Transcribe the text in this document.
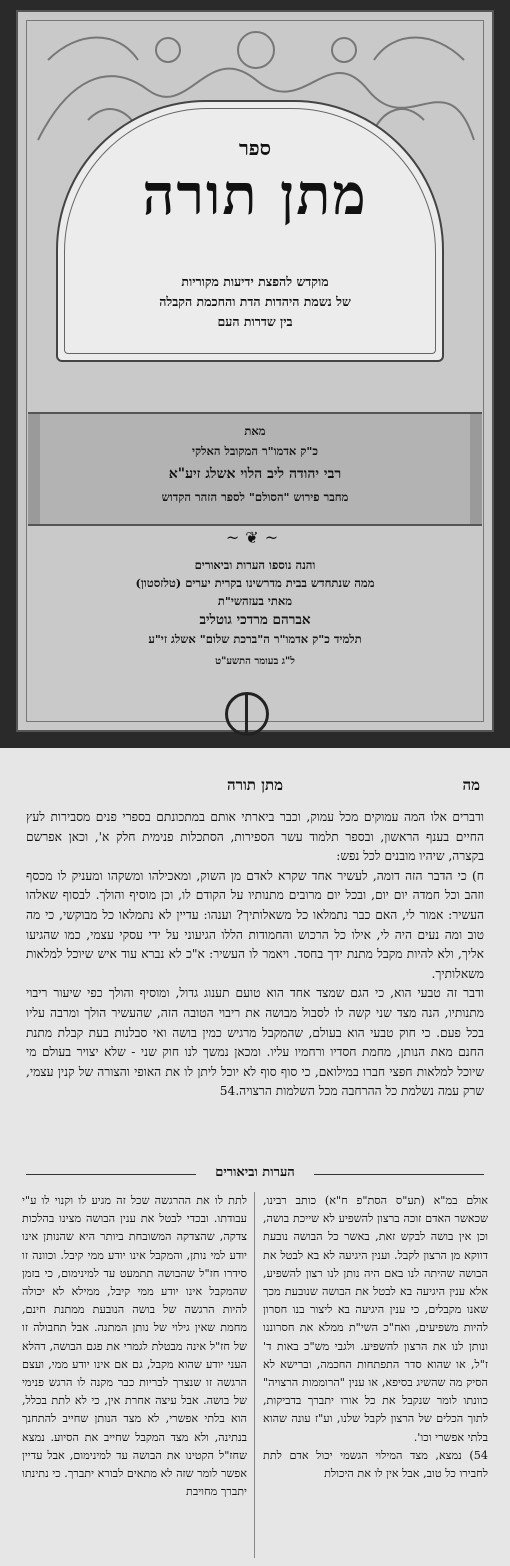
ספר
מתן תורה
מוקדש להפצת ידיעות מקוריות
של נשמת היהדות הדת והחכמת הקבלה
בין שדרות העם
מאת
כ"ק אדמו"ר המקובל האלקי
רבי יהודה ליב הלוי אשלג זיע"א
מחבר פירוש "הסולם" לספר הזהר הקדוש
~❦~
והנה נוספו הערות וביאורים
ממה שנתחדש בבית מדרשינו בקרית יערים (טלזסטון)
מאתי בעזהשי"ת
אברהם מרדכי גוטליב
תלמיד כ"ק אדמו"ר ה"ברכת שלום" אשלג זי"ע
ל"ג בעומר התשע"ט
מתן תורה	מה

ודברים אלו המה עמוקים מכל עמוק, וכבר ביארתי אותם במתכונתם בספרי פנים מסבירות לעץ החיים בענף הראשון, ובספר תלמוד עשר הספירות, הסתכלות פנימית חלק א', וכאן אפרשם בקצרה, שיהיו מובנים לכל נפש:

ח) כי הדבר הזה דומה, לעשיר אחד שקרא לאדם מן השוק, ומאכילהו ומשקהו ומעניק לו מכסף וזהב וכל חמדה יום יום, ובכל יום מרובים מתנותיו על הקודם לו, וכן מוסיף והולך. לבסוף שאלהו העשיר: אמור לי, האם כבר נתמלאו כל משאלותיך? וענהו: עדיין לא נתמלאו כל מבוקשי, כי מה טוב ומה נעים היה לי, אילו כל הרכוש והחמודות הללו הגיעוני על ידי עסקי עצמי, כמו שהגיעו אליך, ולא להיות מקבל מתנת ידך בחסד. ויאמר לו העשיר: א"כ לא נברא עוד איש שיוכל למלאות משאלותיך.

ודבר זה טבעי הוא, כי הגם שמצד אחד הוא טועם תענוג גדול, ומוסיף והולך כפי שיעור ריבוי מתנותיו, הנה מצד שני קשה לו לסבול מבושה את ריבוי הטובה הזה, שהעשיר הולך ומרבה עליו בכל פעם. כי חוק טבעי הוא בעולם, שהמקבל מרגיש כמין בושה ואי סבלנות בעת קבלת מתנת החנם מאת הנותן, מחמת חסדיו ורחמיו עליו. ומכאן נמשך לנו חוק שני - שלא יצויר בעולם מי שיוכל למלאות חפצי חברו במילואם, כי סוף סוף לא יוכל ליתן לו את האופי והצורה של קנין עצמי, שרק עמה נשלמת כל ההרחבה מכל השלמות הרצויה.54

הערות וביאורים
אולם במ"א (תע"ס הסת"פ ח"א) כותב רבינו, שכאשר האדם זוכה ברצון להשפיע לא שייכת בושה, וכן אין בושה לבקש זאת, באשר כל הבושה נובעת דווקא מן הרצון לקבל. וענין היגיעה לא בא לבטל את הבושה שהיתה לנו באם היה נותן לנו רצון להשפיע, אלא ענין היגיעה בא לבטל את הבושה שנובעת מכך שאנו מקבלים, כי ענין היגיעה בא ליצור בנו חסרון להיות משפיעים, ואח"כ השי"ת ממלא את חסרוננו ונותן לנו את הרצון להשפיע. ולגבי מש"כ באות ד' ז"ל, או שהוא סדר התפתחות החכמה, וברישא לא הסיק מה שהשיג בסיפא, או ענין "הרוממות הרצויה" כוונתו לומר שנקבל את כל אורו יתברך בדביקות, לתוך הכלים של הרצון לקבל שלנו, וע"ז עונה שהוא בלתי אפשרי וכו'.
54) נמצא, מצד המילוי הגשמי יכול אדם לתת לחבירו כל טוב, אבל אין לו את היכולת
לתת לו את ההרגשה שכל זה מגיע לו וקנוי לו ע"י עבודתו. ובכדי לבטל את ענין הבושה מצינו בהלכות צדקה, שהצדקה המשובחת ביותר היא שהנותן אינו יודע למי נותן, והמקבל אינו יודע ממי קיבל. וכוונה זו סידרו חז"ל שהבושה תתמעט עד למינימום, כי בזמן שהמקבל אינו יודע ממי קיבל, ממילא לא יכולה להיות הרגשה של בושה הנובעת ממתנת חינם, מחמת שאין גילוי של נותן המתנה. אבל תחבולה זו של חז"ל אינה מבטלת לגמרי את פגם הבושה, דהלא העני יודע שהוא מקבל, גם אם אינו יודע ממי, ועצם הרגשה זו שנצרך לבריות כבר מקנה לו הרגש פנימי של בושה. אבל עיצה אחרת אין, כי לא לתת בכלל, הוא בלתי אפשרי, לא מצד הנותן שחייב להתחנך בנתינה, ולא מצד המקבל שחייב את הסיוע. נמצא שחז"ל הקטינו את הבושה עד למינימום, אבל עדיין אפשר לומר שזה לא מתאים לבורא יתברך. כי נתינתו יתברך מחויבת
